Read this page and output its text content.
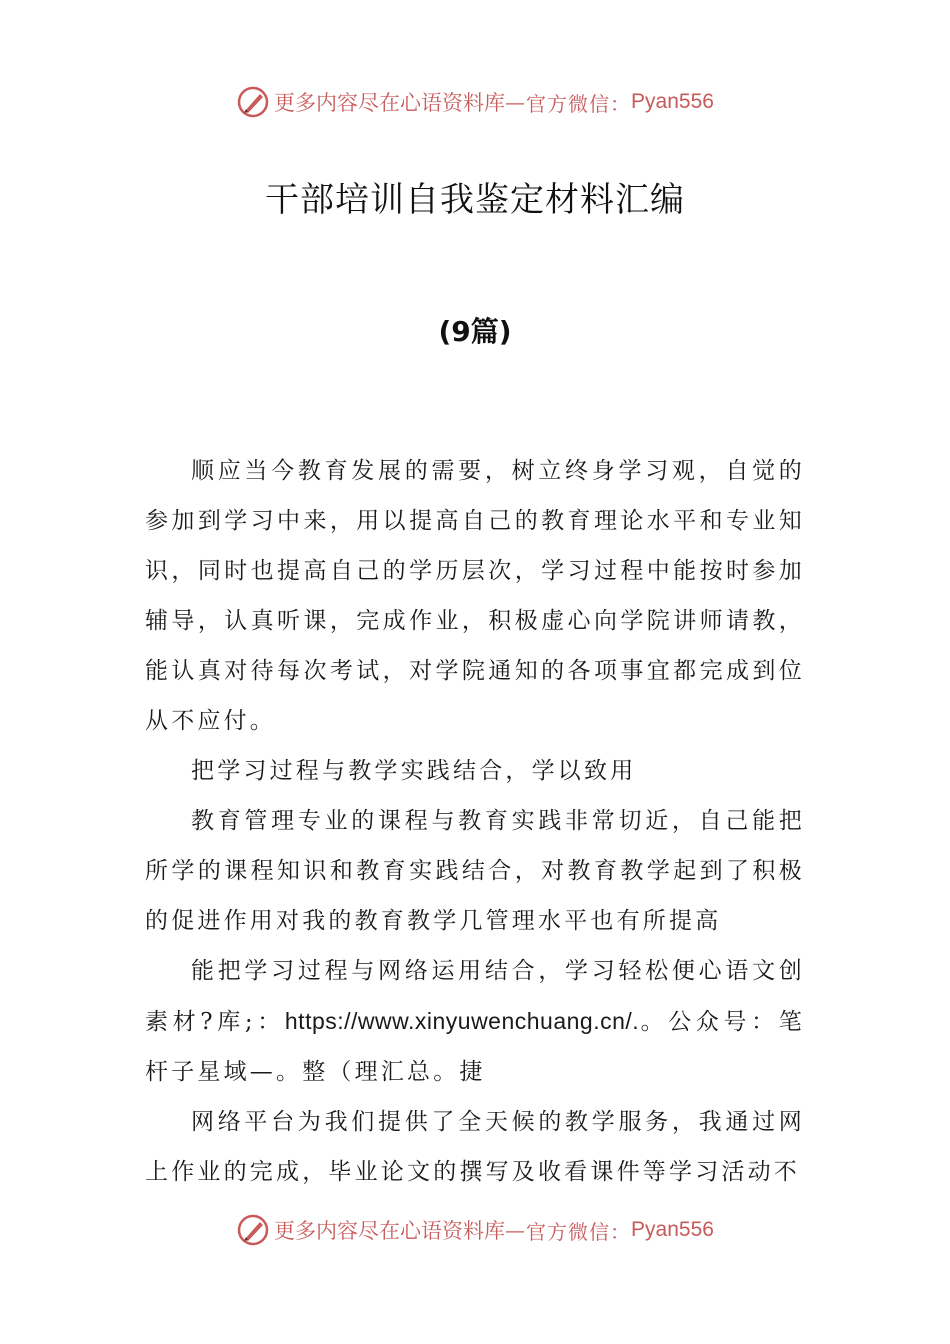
更多内容尽在心语资料库 — 官方微信： Pyan556
干部培训自我鉴定材料汇编
(9篇)

顺应当今教育发展的需要，树立终身学习观，自觉的参加到学习中来，用以提高自己的教育理论水平和专业知识，同时也提高自己的学历层次，学习过程中能按时参加辅导，认真听课，完成作业，积极虚心向学院讲师请教，能认真对待每次考试，对学院通知的各项事宜都完成到位从不应付。

把学习过程与教学实践结合，学以致用

教育管理专业的课程与教育实践非常切近，自己能把所学的课程知识和教育实践结合，对教育教学起到了积极的促进作用对我的教育教学几管理水平也有所提高

能把学习过程与网络运用结合，学习轻松便心语文创素材?库;：https://www.xinyuwenchuang.cn/.。公众号：笔杆子星域—。整（理汇总。捷

网络平台为我们提供了全天候的教学服务，我通过网上作业的完成，毕业论文的撰写及收看课件等学习活动不

更多内容尽在心语资料库 — 官方微信： Pyan556
